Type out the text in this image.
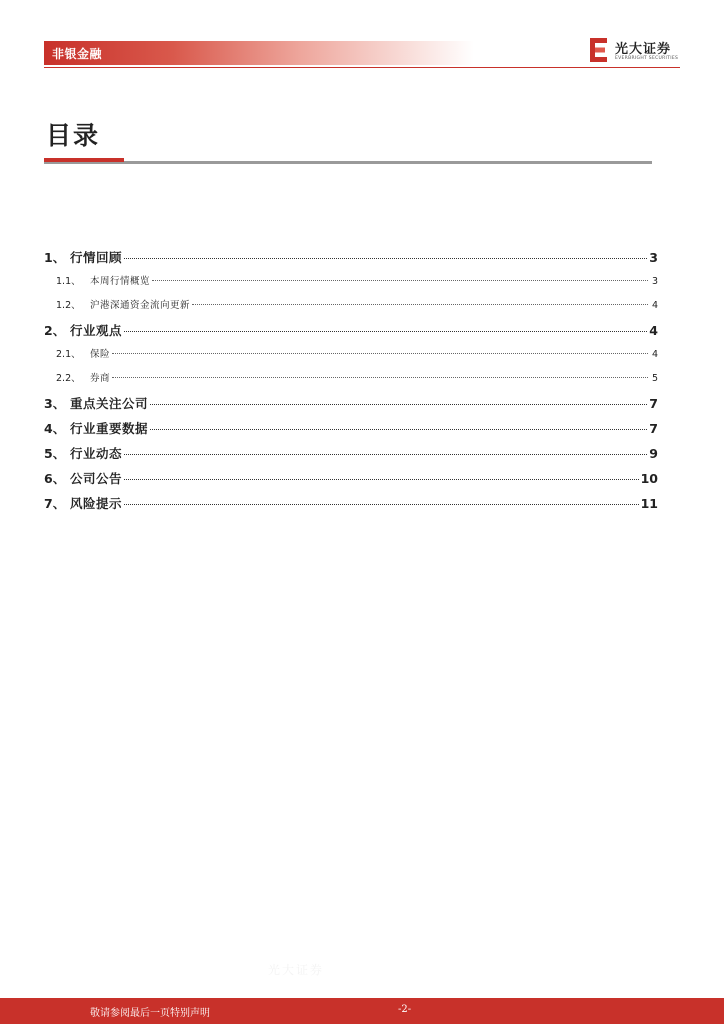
非银金融	光大证券
EVERBRIGHT SECURITIES
目录
1、 行情回顾	3
1.1、 本周行情概览	3
1.2、 沪港深通资金流向更新	4
2、 行业观点	4
2.1、 保险	4
2.2、 券商	5
3、 重点关注公司	7
4、 行业重要数据	7
5、 行业动态	9
6、 公司公告	10
7、 风险提示	11
光大证券
敬请参阅最后一页特别声明	-2-
